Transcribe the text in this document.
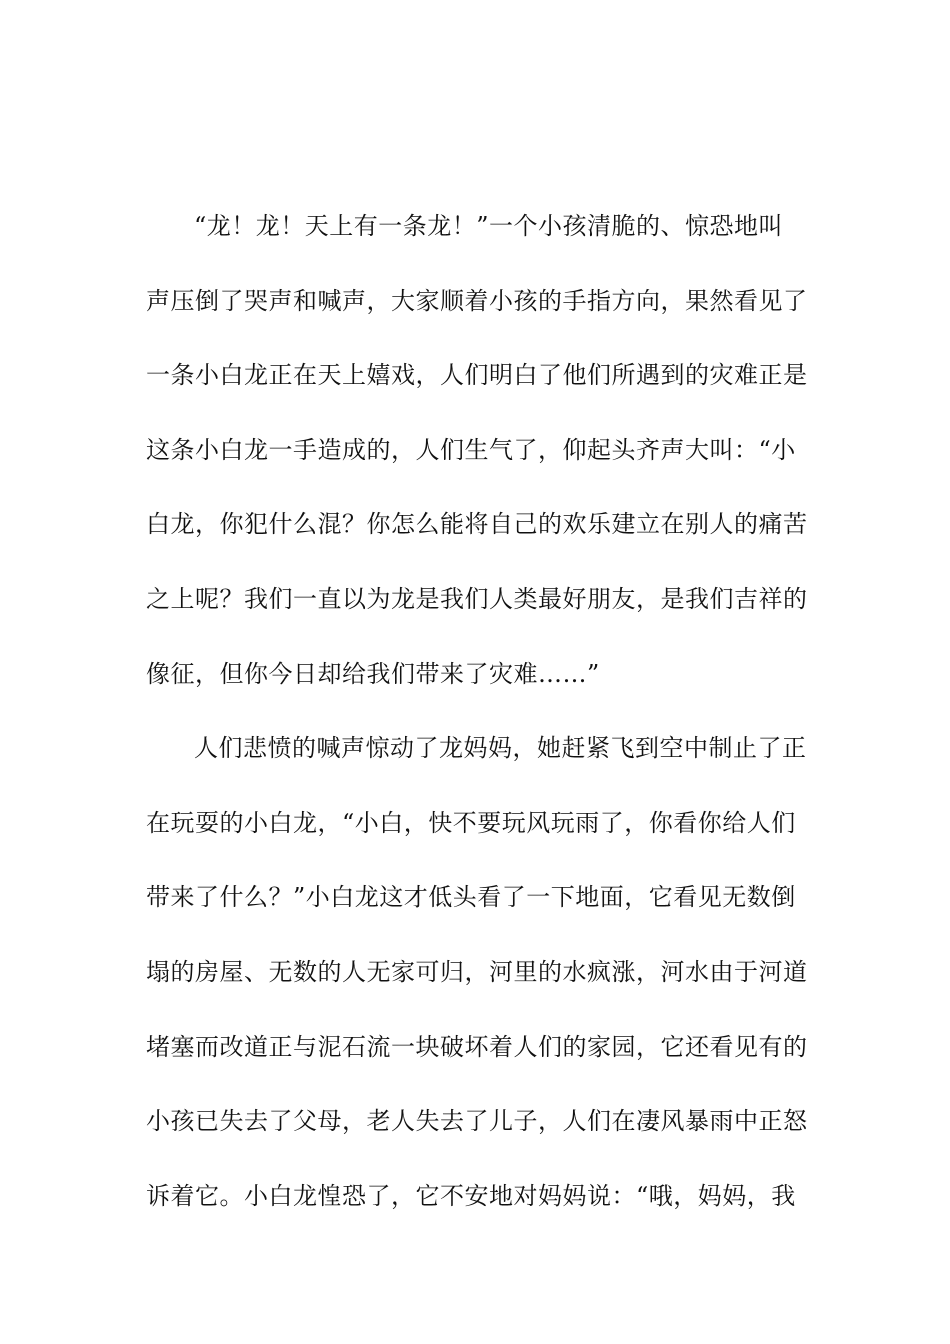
“龙！龙！天上有一条龙！”一个小孩清脆的、惊恐地叫
声压倒了哭声和喊声，大家顺着小孩的手指方向，果然看见了
一条小白龙正在天上嬉戏，人们明白了他们所遇到的灾难正是
这条小白龙一手造成的，人们生气了，仰起头齐声大叫：“小
白龙，你犯什么混？你怎么能将自己的欢乐建立在别人的痛苦
之上呢？我们一直以为龙是我们人类最好朋友，是我们吉祥的
像征，但你今日却给我们带来了灾难……”
人们悲愤的喊声惊动了龙妈妈，她赶紧飞到空中制止了正
在玩耍的小白龙，“小白，快不要玩风玩雨了，你看你给人们
带来了什么？”小白龙这才低头看了一下地面，它看见无数倒
塌的房屋、无数的人无家可归，河里的水疯涨，河水由于河道
堵塞而改道正与泥石流一块破坏着人们的家园，它还看见有的
小孩已失去了父母，老人失去了儿子，人们在凄风暴雨中正怒
诉着它。小白龙惶恐了，它不安地对妈妈说：“哦，妈妈，我
